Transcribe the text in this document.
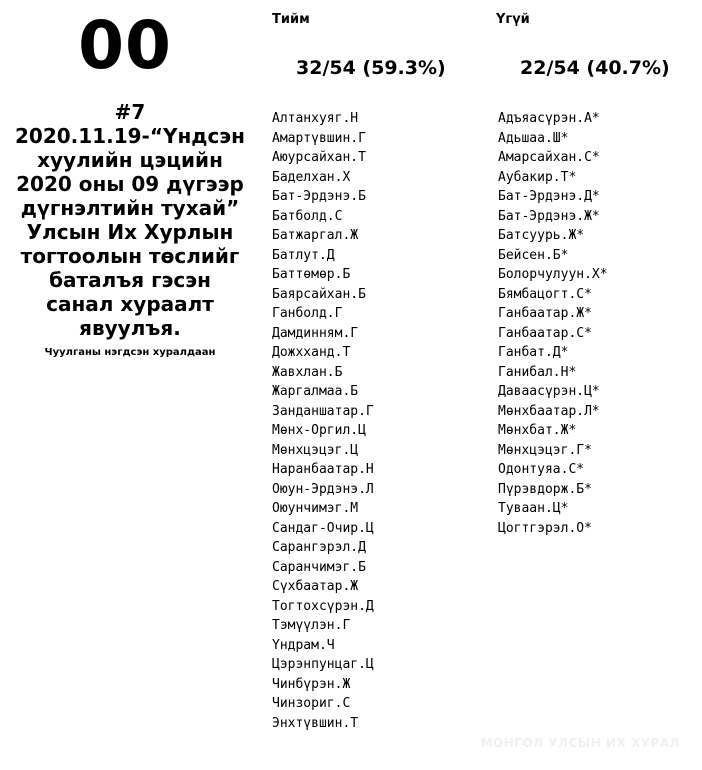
00
#7
2020.11.19-“Үндсэн хуулийн цэцийн 2020 оны 09 дүгээр дүгнэлтийн тухай” Улсын Их Хурлын тогтоолын төслийг баталъя гэсэн санал хураалт явуулъя.
Чуулганы нэгдсэн хуралдаан
Тийм
32/54 (59.3%)
Алтанхуяг.Н
Амартүвшин.Г
Аюурсайхан.Т
Баделхан.Х
Бат-Эрдэнэ.Б
Батболд.С
Батжаргал.Ж
Батлут.Д
Баттөмөр.Б
Баярсайхан.Б
Ганболд.Г
Дамдинням.Г
Дожхханд.Т
Жавхлан.Б
Жаргалмаа.Б
Занданшатар.Г
Мөнх-Оргил.Ц
Мөнхцэцэг.Ц
Наранбаатар.Н
Оюун-Эрдэнэ.Л
Оюунчимэг.М
Сандаг-Очир.Ц
Сарангэрэл.Д
Саранчимэг.Б
Сүхбаатар.Ж
Тогтохсүрэн.Д
Тэмүүлэн.Г
Үндрам.Ч
Цэрэнпунцаг.Ц
Чинбүрэн.Ж
Чинзориг.С
Энхтүвшин.Т
Үгүй
22/54 (40.7%)
Адъяасүрэн.А*
Адьшаа.Ш*
Амарсайхан.С*
Аубакир.Т*
Бат-Эрдэнэ.Д*
Бат-Эрдэнэ.Ж*
Батсуурь.Ж*
Бейсен.Б*
Болорчулуун.Х*
Бямбацогт.С*
Ганбаатар.Ж*
Ганбаатар.С*
Ганбат.Д*
Ганибал.Н*
Даваасүрэн.Ц*
Мөнхбаатар.Л*
Мөнхбат.Ж*
Мөнхцэцэг.Г*
Одонтуяа.С*
Пүрэвдорж.Б*
Туваан.Ц*
Цогтгэрэл.О*
МОНГОЛ УЛСЫН ИХ ХУРАЛ
